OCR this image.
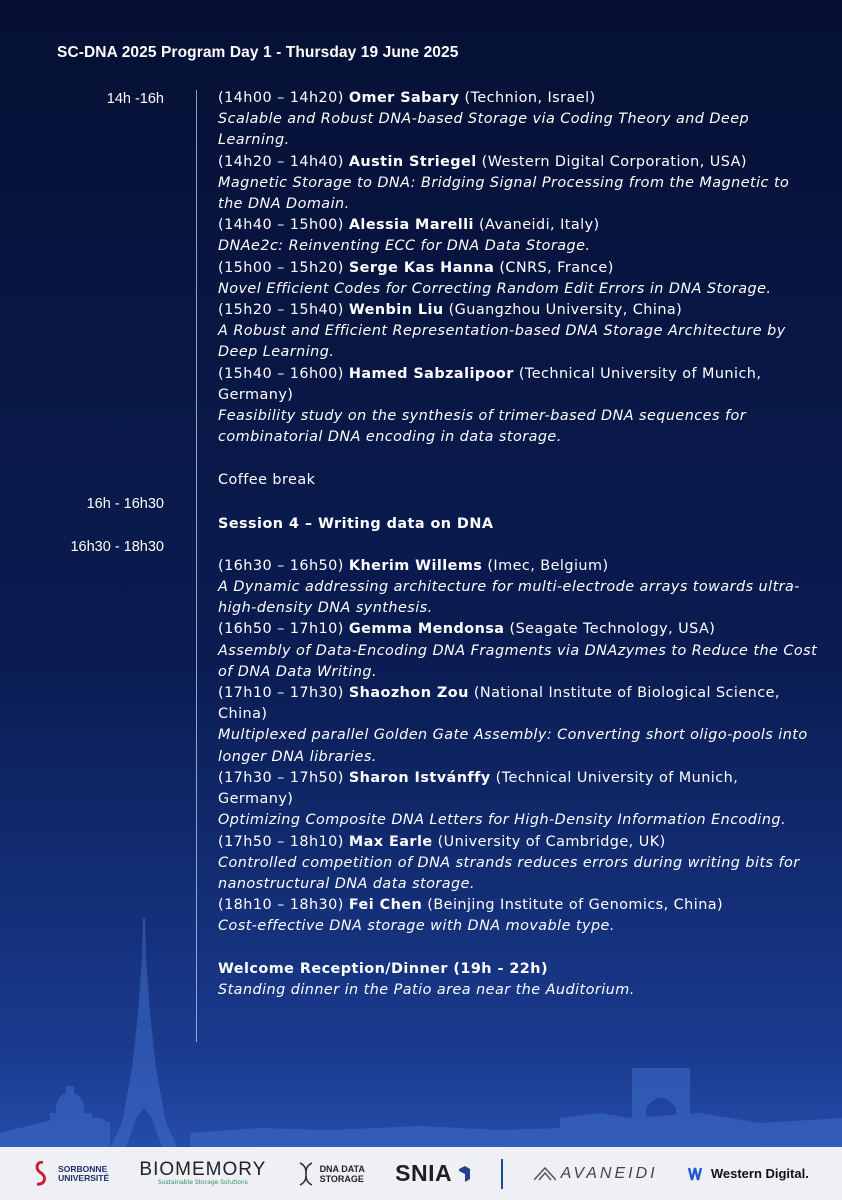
SC-DNA 2025 Program Day 1 - Thursday 19 June 2025
14h -16h
16h - 16h30
16h30 - 18h30
(14h00 – 14h20) Omer Sabary (Technion, Israel)
Scalable and Robust DNA-based Storage via Coding Theory and Deep Learning.
(14h20 – 14h40) Austin Striegel (Western Digital Corporation, USA)
Magnetic Storage to DNA: Bridging Signal Processing from the Magnetic to the DNA Domain.
(14h40 – 15h00) Alessia Marelli (Avaneidi, Italy)
DNAe2c: Reinventing ECC for DNA Data Storage.
(15h00 – 15h20) Serge Kas Hanna (CNRS, France)
Novel Efficient Codes for Correcting Random Edit Errors in DNA Storage.
(15h20 – 15h40) Wenbin Liu (Guangzhou University, China)
A Robust and Efficient Representation-based DNA Storage Architecture by Deep Learning.
(15h40 – 16h00) Hamed Sabzalipoor (Technical University of Munich, Germany)
Feasibility study on the synthesis of trimer-based DNA sequences for combinatorial DNA encoding in data storage.
Coffee break
Session 4 – Writing data on DNA
(16h30 – 16h50) Kherim Willems (Imec, Belgium)
A Dynamic addressing architecture for multi-electrode arrays towards ultra-high-density DNA synthesis.
(16h50 – 17h10) Gemma Mendonsa (Seagate Technology, USA)
Assembly of Data-Encoding DNA Fragments via DNAzymes to Reduce the Cost of DNA Data Writing.
(17h10 – 17h30) Shaozhon Zou (National Institute of Biological Science, China)
Multiplexed parallel Golden Gate Assembly: Converting short oligo-pools into longer DNA libraries.
(17h30 – 17h50) Sharon Istvánffy (Technical University of Munich, Germany)
Optimizing Composite DNA Letters for High-Density Information Encoding.
(17h50 – 18h10) Max Earle (University of Cambridge, UK)
Controlled competition of DNA strands reduces errors during writing bits for nanostructural DNA data storage.
(18h10 – 18h30) Fei Chen (Beinjing Institute of Genomics, China)
Cost-effective DNA storage with DNA movable type.
Welcome Reception/Dinner (19h - 22h)
Standing dinner in the Patio area near the Auditorium.
SORBONNE
UNIVERSITÉ BIOMEMORY
Sustainable Storage Solutions
DNA DATA
STORAGE SNIA	AVANEIDI	Western Digital.
